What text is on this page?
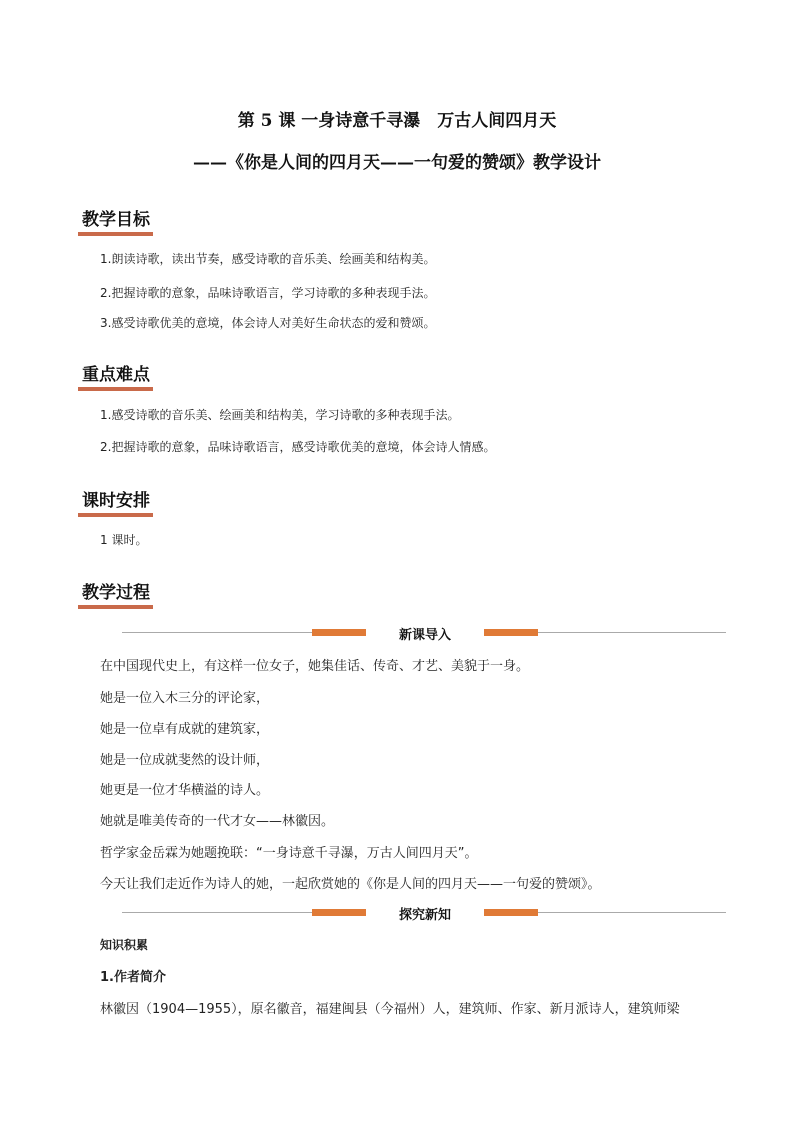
第 5 课 一身诗意千寻瀑　万古人间四月天
——《你是人间的四月天——一句爱的赞颂》教学设计
教学目标
1.朗读诗歌，读出节奏，感受诗歌的音乐美、绘画美和结构美。
2.把握诗歌的意象，品味诗歌语言，学习诗歌的多种表现手法。
3.感受诗歌优美的意境，体会诗人对美好生命状态的爱和赞颂。
重点难点
1.感受诗歌的音乐美、绘画美和结构美，学习诗歌的多种表现手法。
2.把握诗歌的意象，品味诗歌语言，感受诗歌优美的意境，体会诗人情感。
课时安排
1 课时。
教学过程
新课导入
在中国现代史上，有这样一位女子，她集佳话、传奇、才艺、美貌于一身。
她是一位入木三分的评论家，
她是一位卓有成就的建筑家，
她是一位成就斐然的设计师，
她更是一位才华横溢的诗人。
她就是唯美传奇的一代才女——林徽因。
哲学家金岳霖为她题挽联：“一身诗意千寻瀑，万古人间四月天”。
今天让我们走近作为诗人的她，一起欣赏她的《你是人间的四月天——一句爱的赞颂》。
探究新知
知识积累
1.作者简介
林徽因（1904—1955），原名徽音，福建闽县（今福州）人，建筑师、作家、新月派诗人，建筑师梁
